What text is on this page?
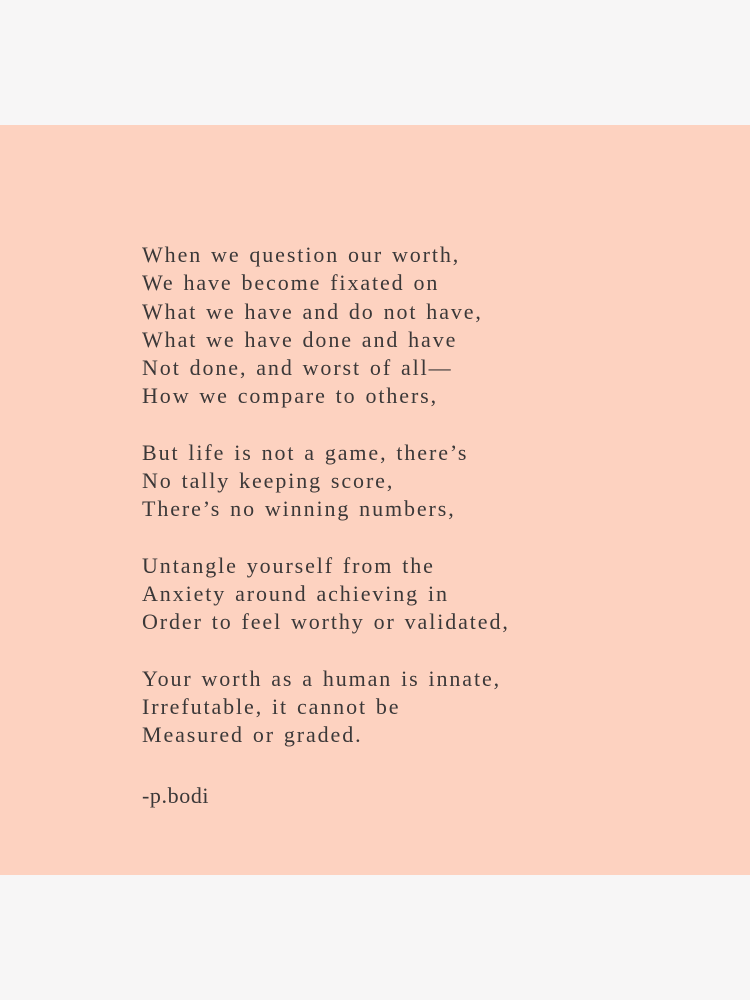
When we question our worth,
We have become fixated on
What we have and do not have,
What we have done and have
Not done, and worst of all—
How we compare to others,

But life is not a game, there’s
No tally keeping score,
There’s no winning numbers,

Untangle yourself from the
Anxiety around achieving in
Order to feel worthy or validated,

Your worth as a human is innate,
Irrefutable, it cannot be
Measured or graded.

-p.bodi
